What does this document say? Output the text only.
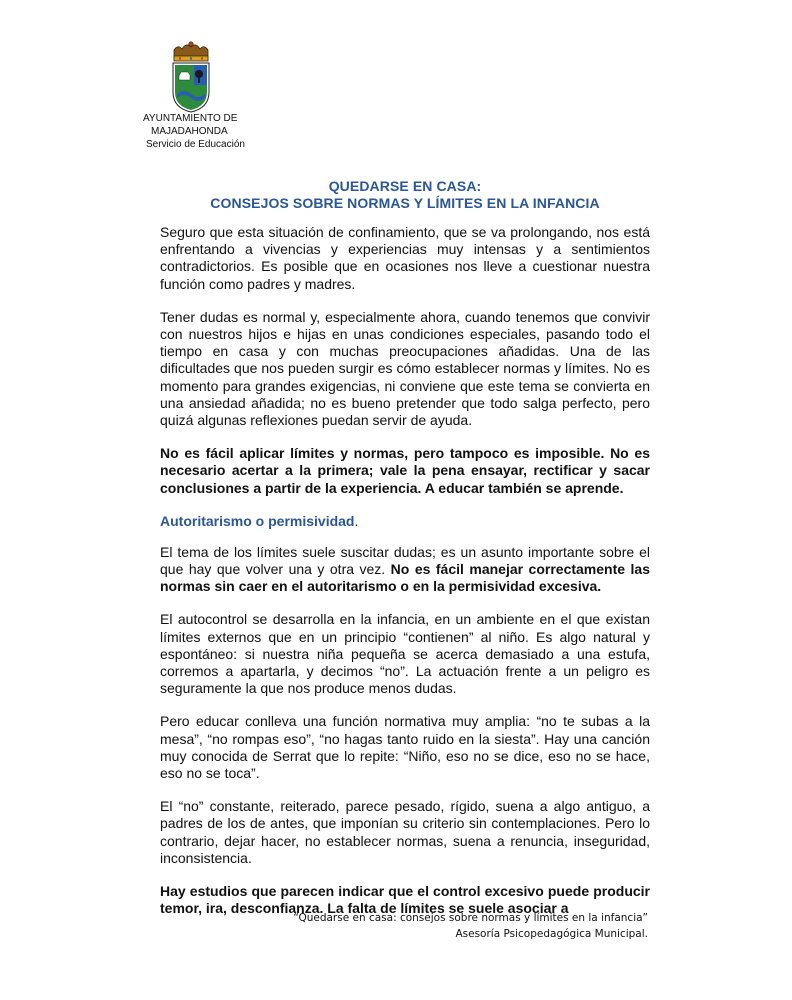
AYUNTAMIENTO DE
MAJADAHONDA
Servicio de Educación
QUEDARSE EN CASA:
CONSEJOS SOBRE NORMAS Y LÍMITES EN LA INFANCIA

Seguro que esta situación de confinamiento, que se va prolongando, nos está enfrentando a vivencias y experiencias muy intensas y a sentimientos contradictorios. Es posible que en ocasiones nos lleve a cuestionar nuestra función como padres y madres.

Tener dudas es normal y, especialmente ahora, cuando tenemos que convivir con nuestros hijos e hijas en unas condiciones especiales, pasando todo el tiempo en casa y con muchas preocupaciones añadidas. Una de las dificultades que nos pueden surgir es cómo establecer normas y límites. No es momento para grandes exigencias, ni conviene que este tema se convierta en una ansiedad añadida; no es bueno pretender que todo salga perfecto, pero quizá algunas reflexiones puedan servir de ayuda.

No es fácil aplicar límites y normas, pero tampoco es imposible. No es necesario acertar a la primera; vale la pena ensayar, rectificar y sacar conclusiones a partir de la experiencia. A educar también se aprende.

Autoritarismo o permisividad.

El tema de los límites suele suscitar dudas; es un asunto importante sobre el que hay que volver una y otra vez. No es fácil manejar correctamente las normas sin caer en el autoritarismo o en la permisividad excesiva.

El autocontrol se desarrolla en la infancia, en un ambiente en el que existan límites externos que en un principio “contienen” al niño. Es algo natural y espontáneo: si nuestra niña pequeña se acerca demasiado a una estufa, corremos a apartarla, y decimos “no”. La actuación frente a un peligro es seguramente la que nos produce menos dudas.

Pero educar conlleva una función normativa muy amplia: “no te subas a la mesa”, “no rompas eso”, “no hagas tanto ruido en la siesta”. Hay una canción muy conocida de Serrat que lo repite: “Niño, eso no se dice, eso no se hace, eso no se toca”.

El “no” constante, reiterado, parece pesado, rígido, suena a algo antiguo, a padres de los de antes, que imponían su criterio sin contemplaciones. Pero lo contrario, dejar hacer, no establecer normas, suena a renuncia, inseguridad, inconsistencia.

Hay estudios que parecen indicar que el control excesivo puede producir temor, ira, desconfianza. La falta de límites se suele asociar a

“Quedarse en casa: consejos sobre normas y límites en la infancia”
Asesoría Psicopedagógica Municipal.
